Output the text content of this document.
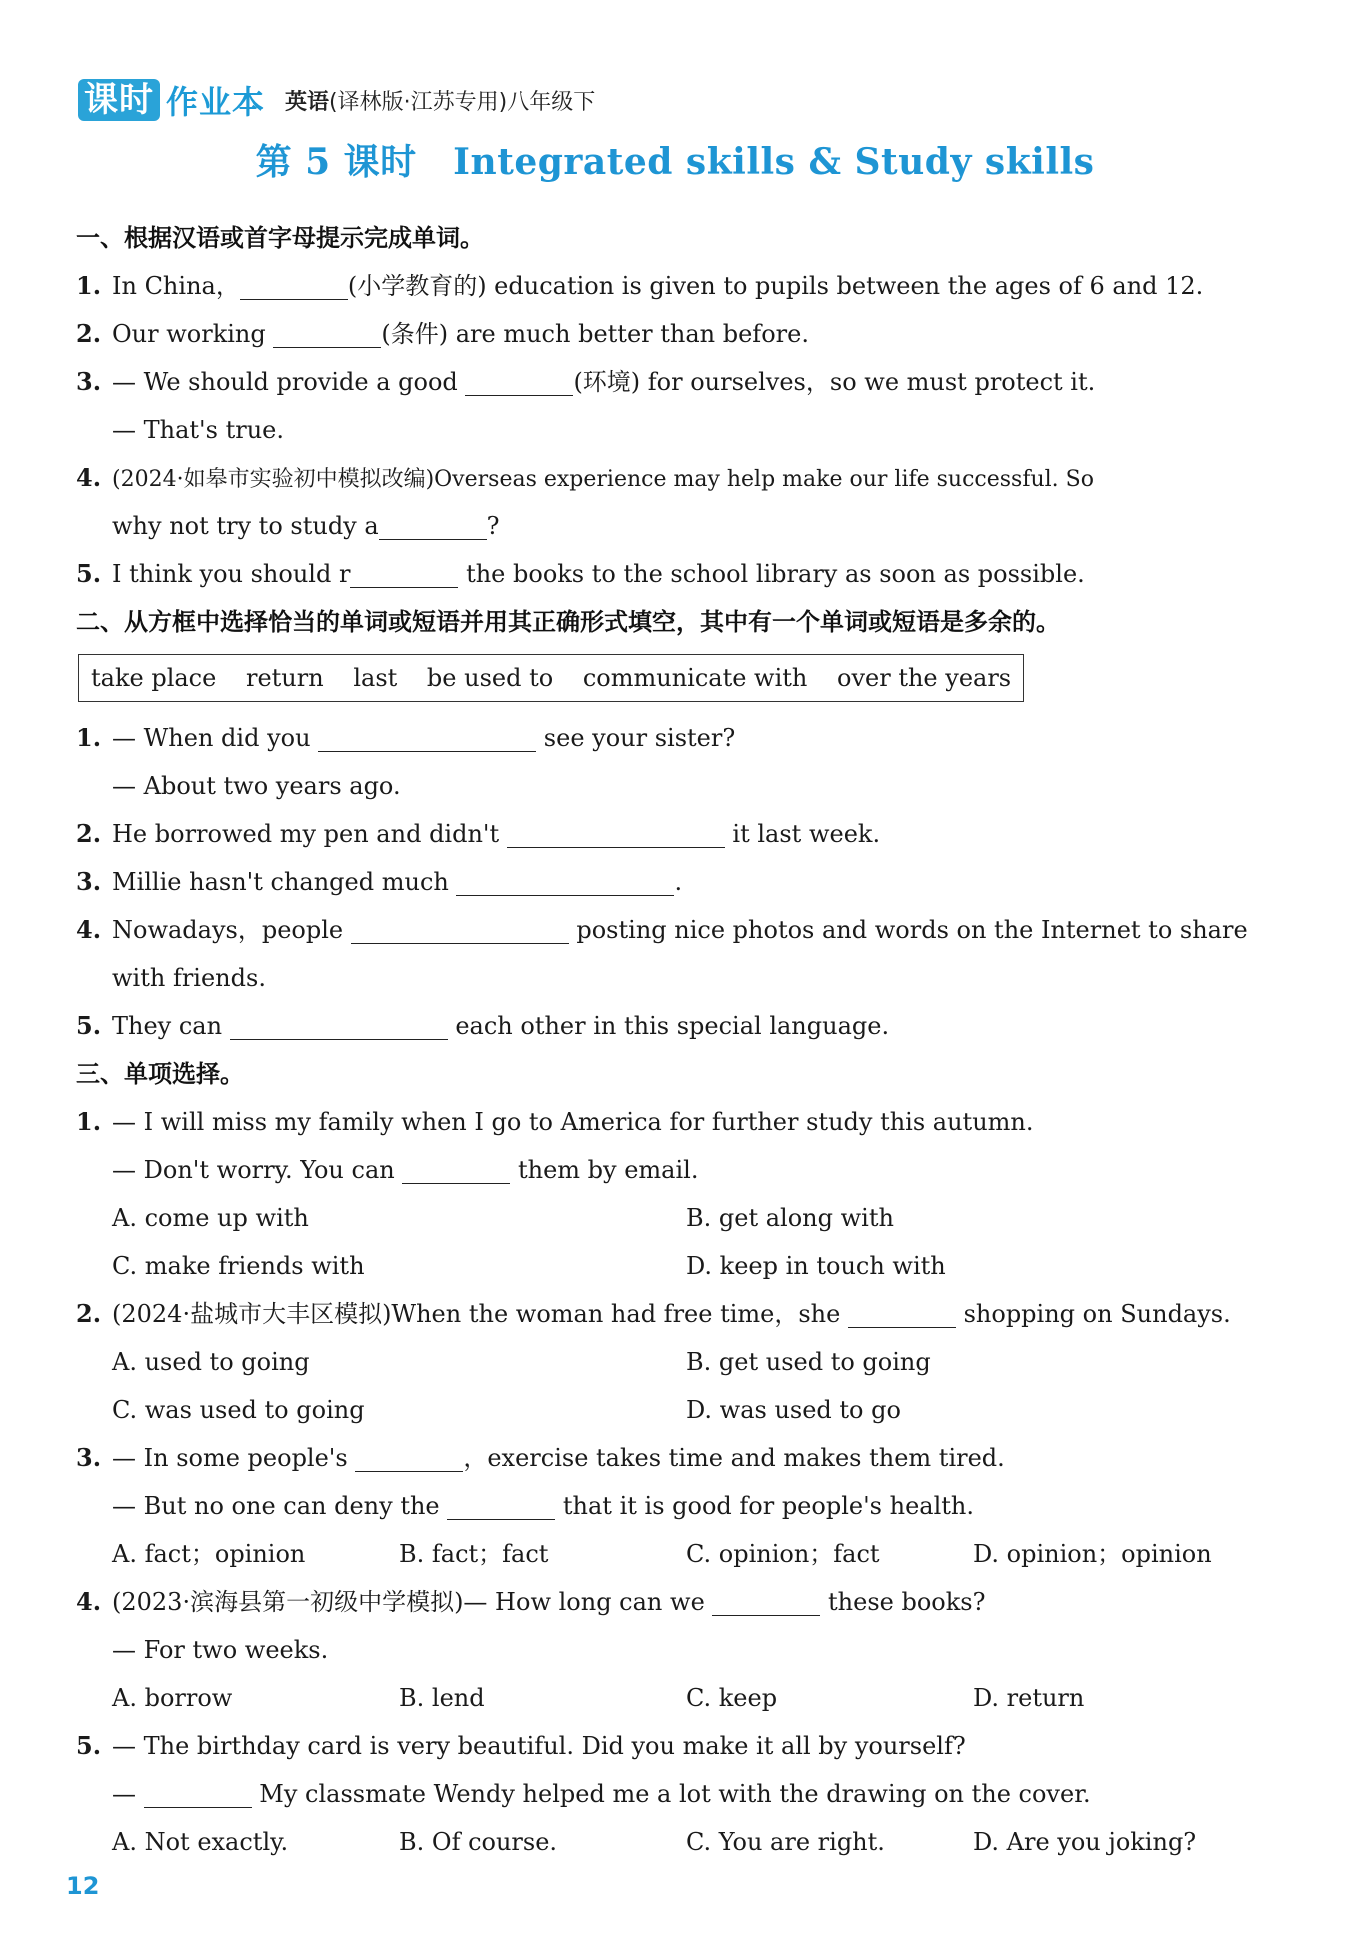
课时 作业本 英语 (译林版·江苏专用)八年级下
第 5 课时　Integrated skills & Study skills
一、根据汉语或首字母提示完成单词。
1. In China，	(小学教育的) education is given to pupils between the ages of 6 and 12.
2. Our working	(条件) are much better than before.
3. — We should provide a good	(环境) for ourselves，so we must protect it.
— That's true.
4. (2024·如皋市实验初中模拟改编)Overseas experience may help make our life successful. So
why not try to study a	?
5. I think you should r	the books to the school library as soon as possible.
二、从方框中选择恰当的单词或短语并用其正确形式填空，其中有一个单词或短语是多余的。
take place return last be used to communicate with over the years
1. — When did you	see your sister?
— About two years ago.
2. He borrowed my pen and didn't	it last week.
3. Millie hasn't changed much	.
4. Nowadays，people	posting nice photos and words on the Internet to share
with friends.
5. They can	each other in this special language.
三、单项选择。
1. — I will miss my family when I go to America for further study this autumn.
— Don't worry. You can	them by email.
A. come up with	B. get along with
C. make friends with	D. keep in touch with
2. (2024·盐城市大丰区模拟)When the woman had free time，she	shopping on Sundays.
A. used to going	B. get used to going
C. was used to going	D. was used to go
3. — In some people's	，exercise takes time and makes them tired.
— But no one can deny the	that it is good for people's health.
A. fact；opinion	B. fact；fact	C. opinion；fact	D. opinion；opinion
4. (2023·滨海县第一初级中学模拟)— How long can we	these books?
— For two weeks.
A. borrow	B. lend	C. keep	D. return
5. — The birthday card is very beautiful. Did you make it all by yourself?
—	My classmate Wendy helped me a lot with the drawing on the cover.
A. Not exactly.	B. Of course.	C. You are right.	D. Are you joking?
12
